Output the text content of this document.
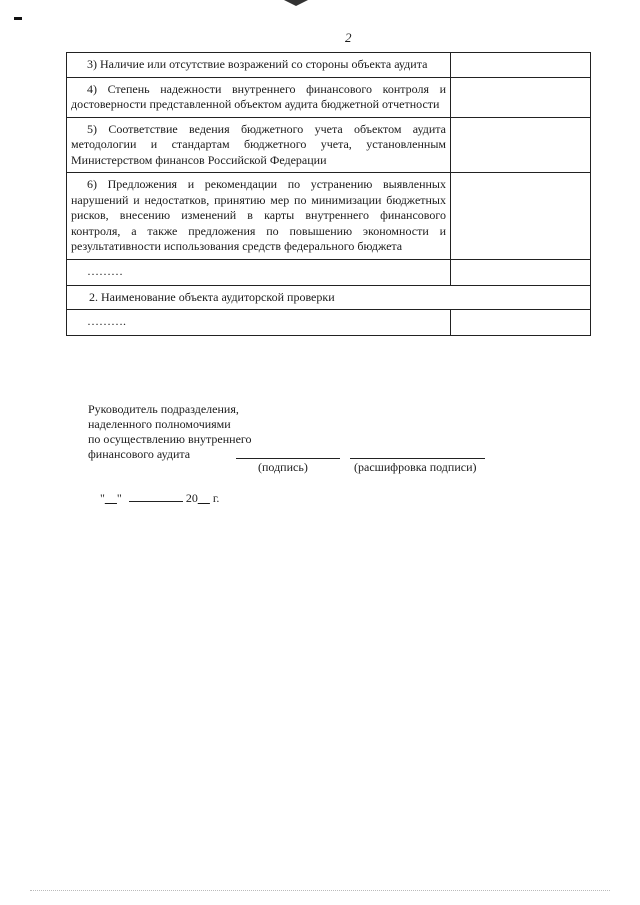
2
3) Наличие или отсутствие возражений со стороны объекта аудита	

4) Степень надежности внутреннего финансового контроля и достоверности представленной объектом аудита бюджетной отчетности	

5) Соответствие ведения бюджетного учета объектом аудита методологии и стандартам бюджетного учета, установленным Министерством финансов Российской Федерации	

6) Предложения и рекомендации по устранению выявленных нарушений и недостатков, принятию мер по минимизации бюджетных рисков, внесению изменений в карты внутреннего финансового контроля, а также предложения по повышению экономности и результативности использования средств федерального бюджета	

………	

2. Наименование объекта аудиторской проверки	

……….	

Руководитель подразделения,
наделенного полномочиями
по осуществлению внутреннего
финансового аудита
(подпись)	(расшифровка подписи)
"__"	20__ г.
